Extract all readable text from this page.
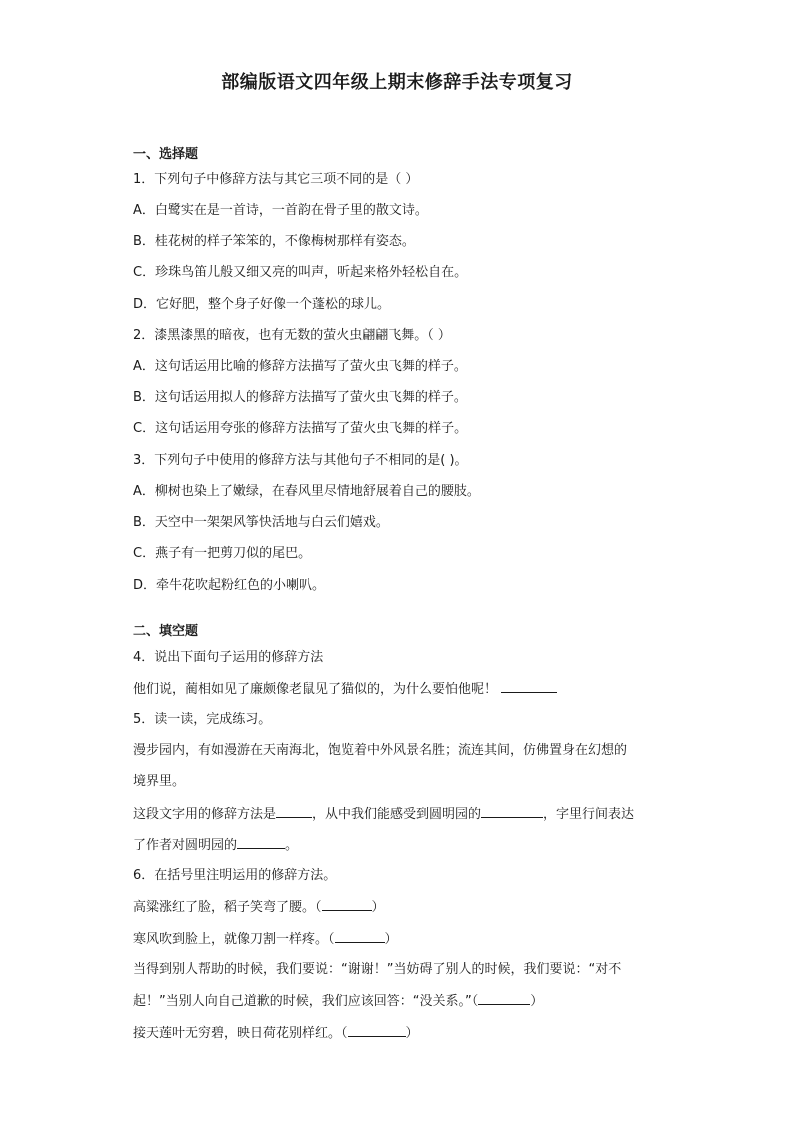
部编版语文四年级上期末修辞手法专项复习
一、选择题
1．下列句子中修辞方法与其它三项不同的是（ ）
A．白鹭实在是一首诗，一首韵在骨子里的散文诗。
B．桂花树的样子笨笨的，不像梅树那样有姿态。
C．珍珠鸟笛儿般又细又亮的叫声，听起来格外轻松自在。
D．它好肥，整个身子好像一个蓬松的球儿。
2．漆黑漆黑的暗夜，也有无数的萤火虫翩翩飞舞。（ ）
A．这句话运用比喻的修辞方法描写了萤火虫飞舞的样子。
B．这句话运用拟人的修辞方法描写了萤火虫飞舞的样子。
C．这句话运用夸张的修辞方法描写了萤火虫飞舞的样子。
3．下列句子中使用的修辞方法与其他句子不相同的是( )。
A．柳树也染上了嫩绿，在春风里尽情地舒展着自己的腰肢。
B．天空中一架架风筝快活地与白云们嬉戏。
C．燕子有一把剪刀似的尾巴。
D．牵牛花吹起粉红色的小喇叭。
二、填空题
4．说出下面句子运用的修辞方法
他们说，蔺相如见了廉颇像老鼠见了猫似的，为什么要怕他呢！
5．读一读，完成练习。
漫步园内，有如漫游在天南海北，饱览着中外风景名胜；流连其间，仿佛置身在幻想的
境界里。
这段文字用的修辞方法是	，从中我们能感受到圆明园的	，字里行间表达
了作者对圆明园的	。
6．在括号里注明运用的修辞方法。
高粱涨红了脸，稻子笑弯了腰。（	）
寒风吹到脸上，就像刀割一样疼。（	）
当得到别人帮助的时候，我们要说：“谢谢！”当妨碍了别人的时候，我们要说：“对不
起！”当别人向自己道歉的时候，我们应该回答：“没关系。”（	）
接天莲叶无穷碧，映日荷花别样红。（	）
